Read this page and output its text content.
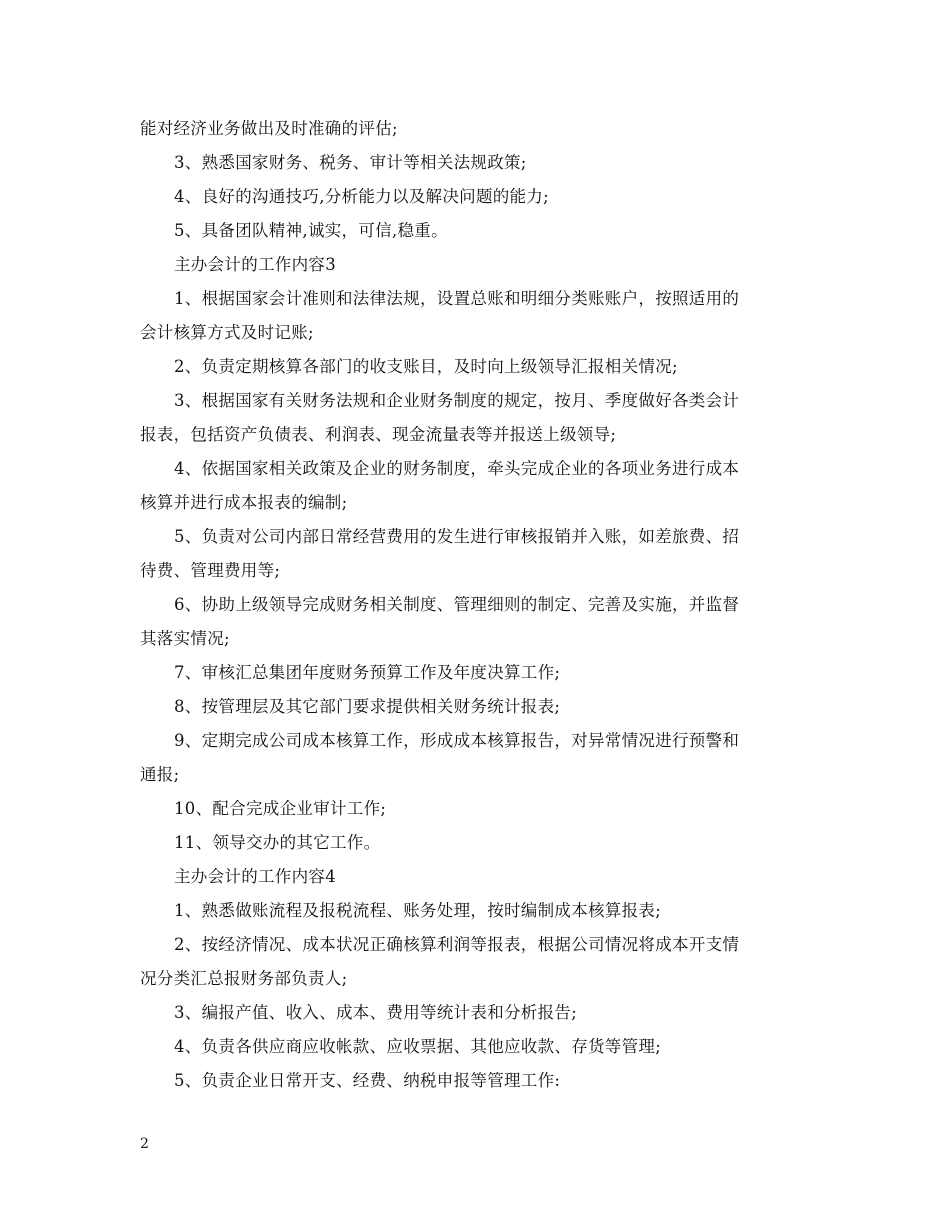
能对经济业务做出及时准确的评估;
3、熟悉国家财务、税务、审计等相关法规政策;
4、良好的沟通技巧,分析能力以及解决问题的能力;
5、具备团队精神,诚实，可信,稳重。
主办会计的工作内容3
1、根据国家会计准则和法律法规，设置总账和明细分类账账户，按照适用的
会计核算方式及时记账;
2、负责定期核算各部门的收支账目，及时向上级领导汇报相关情况;
3、根据国家有关财务法规和企业财务制度的规定，按月、季度做好各类会计
报表，包括资产负债表、利润表、现金流量表等并报送上级领导;
4、依据国家相关政策及企业的财务制度，牵头完成企业的各项业务进行成本
核算并进行成本报表的编制;
5、负责对公司内部日常经营费用的发生进行审核报销并入账，如差旅费、招
待费、管理费用等;
6、协助上级领导完成财务相关制度、管理细则的制定、完善及实施，并监督
其落实情况;
7、审核汇总集团年度财务预算工作及年度决算工作;
8、按管理层及其它部门要求提供相关财务统计报表;
9、定期完成公司成本核算工作，形成成本核算报告，对异常情况进行预警和
通报;
10、配合完成企业审计工作;
11、领导交办的其它工作。
主办会计的工作内容4
1、熟悉做账流程及报税流程、账务处理，按时编制成本核算报表;
2、按经济情况、成本状况正确核算利润等报表，根据公司情况将成本开支情
况分类汇总报财务部负责人;
3、编报产值、收入、成本、费用等统计表和分析报告;
4、负责各供应商应收帐款、应收票据、其他应收款、存货等管理;
5、负责企业日常开支、经费、纳税申报等管理工作:
2
